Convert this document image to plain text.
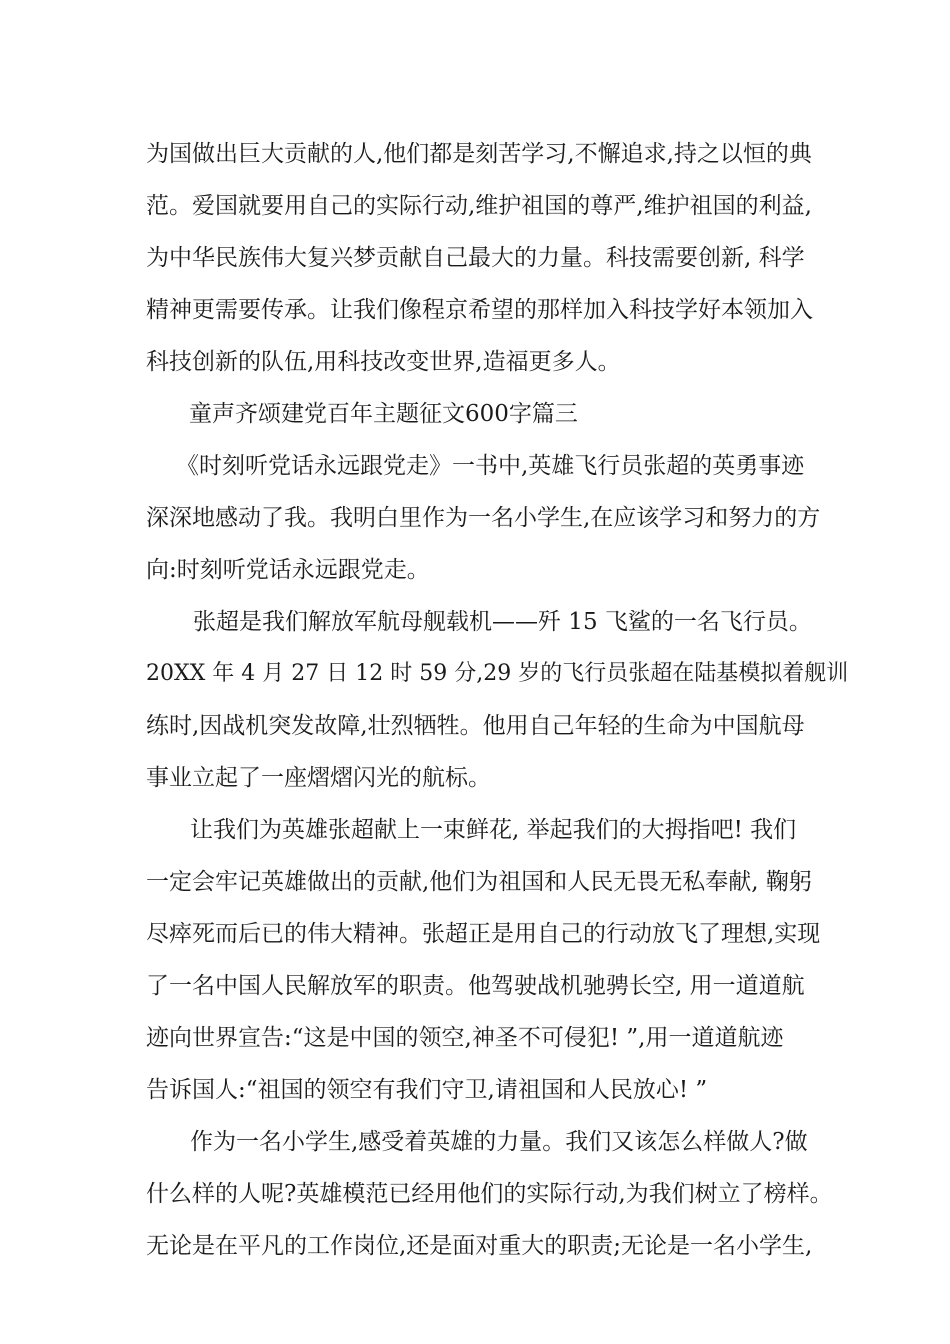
为国做出巨大贡献的人,他们都是刻苦学习,不懈追求,持之以恒的典
范。爱国就要用自己的实际行动,维护祖国的尊严,维护祖国的利益,
为中华民族伟大复兴梦贡献自己最大的力量。科技需要创新, 科学
精神更需要传承。让我们像程京希望的那样加入科技学好本领加入
科技创新的队伍,用科技改变世界,造福更多人。
童声齐颂建党百年主题征文600字篇三
《时刻听党话永远跟党走》一书中,英雄飞行员张超的英勇事迹
深深地感动了我。我明白里作为一名小学生,在应该学习和努力的方
向:时刻听党话永远跟党走。
张超是我们解放军航母舰载机——歼 15 飞鲨的一名飞行员。
20XX 年 4 月 27 日 12 时 59 分,29 岁的飞行员张超在陆基模拟着舰训
练时,因战机突发故障,壮烈牺牲。他用自己年轻的生命为中国航母
事业立起了一座熠熠闪光的航标。
让我们为英雄张超献上一束鲜花, 举起我们的大拇指吧! 我们
一定会牢记英雄做出的贡献,他们为祖国和人民无畏无私奉献, 鞠躬
尽瘁死而后已的伟大精神。张超正是用自己的行动放飞了理想,实现
了一名中国人民解放军的职责。他驾驶战机驰骋长空, 用一道道航
迹向世界宣告:“这是中国的领空,神圣不可侵犯! ”,用一道道航迹
告诉国人:“祖国的领空有我们守卫,请祖国和人民放心! ”
作为一名小学生,感受着英雄的力量。我们又该怎么样做人?做
什么样的人呢?英雄模范已经用他们的实际行动,为我们树立了榜样。
无论是在平凡的工作岗位,还是面对重大的职责;无论是一名小学生,
